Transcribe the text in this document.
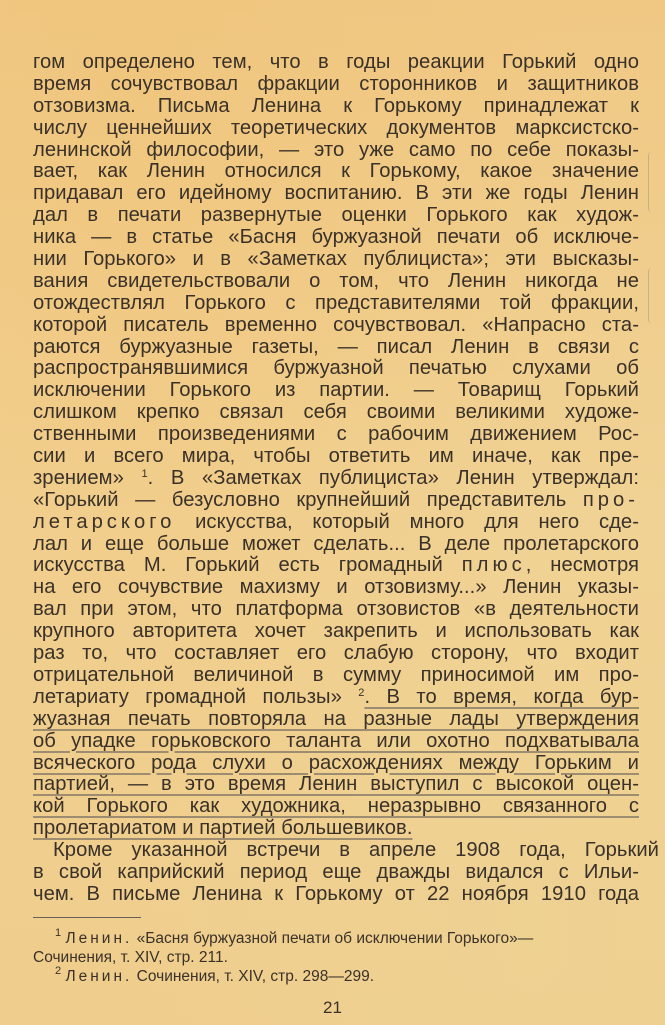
гом определено тем, что в годы реакции Горький одно
время сочувствовал фракции сторонников и защитников
отзовизма. Письма Ленина к Горькому принадлежат к
числу ценнейших теоретических документов марксистско-
ленинской философии, — это уже само по себе показы-
вает, как Ленин относился к Горькому, какое значение
придавал его идейному воспитанию. В эти же годы Ленин
дал в печати развернутые оценки Горького как худож-
ника — в статье «Басня буржуазной печати об исключе-
нии Горького» и в «Заметках публициста»; эти высказы-
вания свидетельствовали о том, что Ленин никогда не
отождествлял Горького с представителями той фракции,
которой писатель временно сочувствовал. «Напрасно ста-
раются буржуазные газеты, — писал Ленин в связи с
распространявшимися буржуазной печатью слухами об
исключении Горького из партии. — Товарищ Горький
слишком крепко связал себя своими великими художе-
ственными произведениями с рабочим движением Рос-
сии и всего мира, чтобы ответить им иначе, как пре-
зрением» $^1$. В «Заметках публициста» Ленин утверждал:
«Горький — безусловно крупнейший представитель про-
летарского искусства, который много для него сде-
лал и еще больше может сделать... В деле пролетарского
искусства М. Горький есть громадный плюс, несмотря
на его сочувствие махизму и отзовизму...» Ленин указы-
вал при этом, что платформа отзовистов «в деятельности
крупного авторитета хочет закрепить и использовать как
раз то, что составляет его слабую сторону, что входит
отрицательной величиной в сумму приносимой им про-
летариату громадной пользы» $^2$. В то время, когда бур-
жуазная печать повторяла на разные лады утверждения
об упадке горьковского таланта или охотно подхватывала
всяческого рода слухи о расхождениях между Горьким и
партией, — в это время Ленин выступил с высокой оцен-
кой Горького как художника, неразрывно связанного с
пролетариатом и партией большевиков.
Кроме указанной встречи в апреле 1908 года, Горький
в свой каприйский период еще дважды видался с Ильи-
чем. В письме Ленина к Горькому от 22 ноября 1910 года
$^1$ Ленин. «Басня буржуазной печати об исключении Горького»—
Сочинения, т. XIV, стр. 211.
$^2$ Ленин. Сочинения, т. XIV, стр. 298—299.
21
